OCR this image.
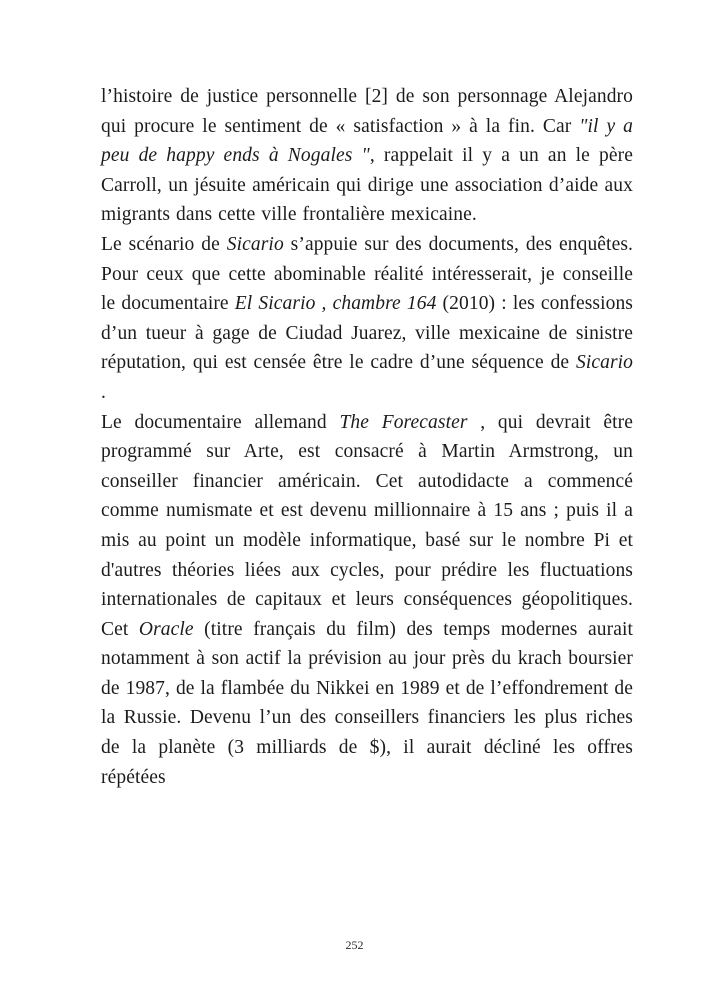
l’histoire de justice personnelle [2] de son personnage Alejandro qui procure le sentiment de « satisfaction » à la fin. Car "il y a peu de happy ends à Nogales ", rappelait il y a un an le père Carroll, un jésuite américain qui dirige une association d’aide aux migrants dans cette ville frontalière mexicaine.

Le scénario de Sicario s’appuie sur des documents, des enquêtes. Pour ceux que cette abominable réalité intéresserait, je conseille le documentaire El Sicario , chambre 164 (2010) : les confessions d’un tueur à gage de Ciudad Juarez, ville mexicaine de sinistre réputation, qui est censée être le cadre d’une séquence de Sicario .

Le documentaire allemand The Forecaster , qui devrait être programmé sur Arte, est consacré à Martin Armstrong, un conseiller financier américain. Cet autodidacte a commencé comme numismate et est devenu millionnaire à 15 ans ; puis il a mis au point un modèle informatique, basé sur le nombre Pi et d'autres théories liées aux cycles, pour prédire les fluctuations internationales de capitaux et leurs conséquences géopolitiques. Cet Oracle (titre français du film) des temps modernes aurait notamment à son actif la prévision au jour près du krach boursier de 1987, de la flambée du Nikkei en 1989 et de l’effondrement de la Russie. Devenu l’un des conseillers financiers les plus riches de la planète (3 milliards de $), il aurait décliné les offres répétées

252
